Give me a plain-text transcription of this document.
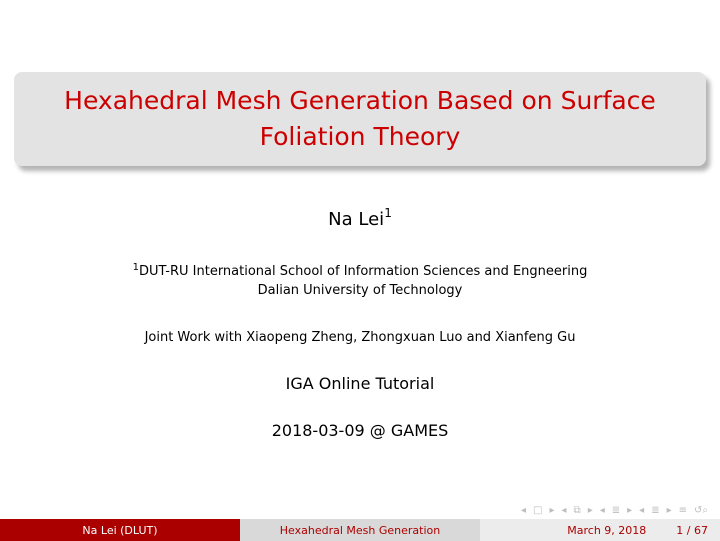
Hexahedral Mesh Generation Based on Surface
Foliation Theory
Na Lei$^1$
$^1$DUT-RU International School of Information Sciences and Engneering
Dalian University of Technology
Joint Work with Xiaopeng Zheng, Zhongxuan Luo and Xianfeng Gu
IGA Online Tutorial
2018-03-09 @ GAMES
◂ □ ▸ ◂ ⧉ ▸ ◂ ≣ ▸ ◂ ≣ ▸ ≡ ↺⌕
Na Lei (DLUT)	Hexahedral Mesh Generation	March 9, 2018	1 / 67
